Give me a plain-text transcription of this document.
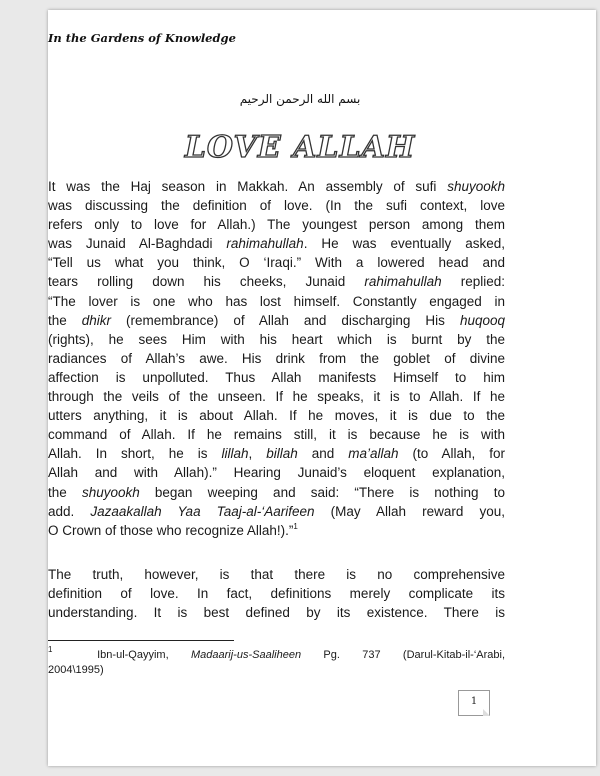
In the Gardens of Knowledge
بسم الله الرحمن الرحيم
LOVE ALLAH

It was the Haj season in Makkah. An assembly of sufi shuyookh
was discussing the definition of love. (In the sufi context, love
refers only to love for Allah.) The youngest person among them
was Junaid Al-Baghdadi rahimahullah. He was eventually asked,
“Tell us what you think, O ‘Iraqi.” With a lowered head and
tears rolling down his cheeks, Junaid rahimahullah replied:
“The lover is one who has lost himself. Constantly engaged in
the dhikr (remembrance) of Allah and discharging His huqooq
(rights), he sees Him with his heart which is burnt by the
radiances of Allah’s awe. His drink from the goblet of divine
affection is unpolluted. Thus Allah manifests Himself to him
through the veils of the unseen. If he speaks, it is to Allah. If he
utters anything, it is about Allah. If he moves, it is due to the
command of Allah. If he remains still, it is because he is with
Allah. In short, he is lillah, billah and ma’allah (to Allah, for
Allah and with Allah).” Hearing Junaid’s eloquent explanation,
the shuyookh began weeping and said: “There is nothing to
add. Jazaakallah Yaa Taaj-al-‘Aarifeen (May Allah reward you,
O Crown of those who recognize Allah!).”$^1$

The truth, however, is that there is no comprehensive
definition of love. In fact, definitions merely complicate its
understanding. It is best defined by its existence. There is

$^1$	Ibn-ul-Qayyim, Madaarij-us-Saaliheen Pg. 737 (Darul-Kitab-il-‘Arabi,
2004\1995)
1
